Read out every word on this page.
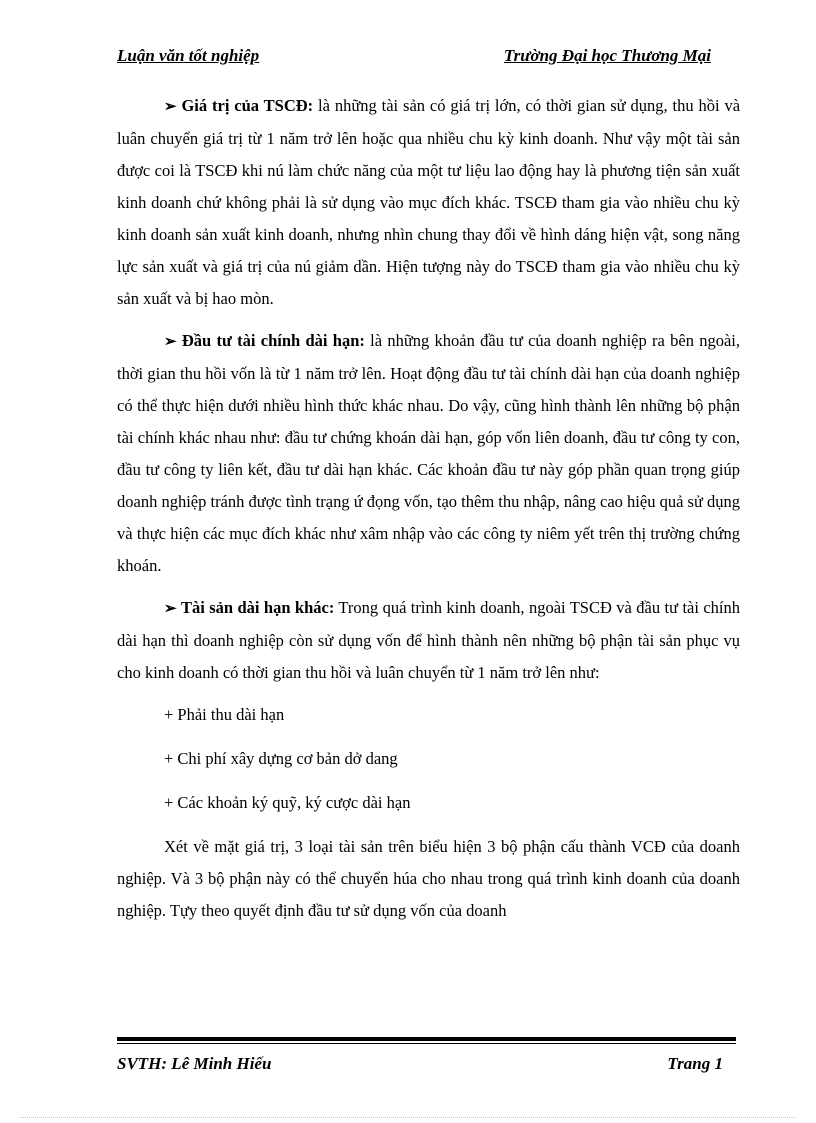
Luận văn tốt nghiệp	Trường Đại học Thương Mại

➢ Giá trị của TSCĐ: là những tài sản có giá trị lớn, có thời gian sử dụng, thu hồi và luân chuyển giá trị từ 1 năm trở lên hoặc qua nhiều chu kỳ kinh doanh. Như vậy một tài sản được coi là TSCĐ khi nú làm chức năng của một tư liệu lao động hay là phương tiện sản xuất kinh doanh chứ không phải là sử dụng vào mục đích khác. TSCĐ tham gia vào nhiều chu kỳ kinh doanh sản xuất kinh doanh, nhưng nhìn chung thay đổi về hình dáng hiện vật, song năng lực sản xuất và giá trị của nú giảm dần. Hiện tượng này do TSCĐ tham gia vào nhiều chu kỳ sản xuất và bị hao mòn.

➢ Đầu tư tài chính dài hạn: là những khoản đầu tư của doanh nghiệp ra bên ngoài, thời gian thu hồi vốn là từ 1 năm trở lên. Hoạt động đầu tư tài chính dài hạn của doanh nghiệp có thể thực hiện dưới nhiều hình thức khác nhau. Do vậy, cũng hình thành lên những bộ phận tài chính khác nhau như: đầu tư chứng khoán dài hạn, góp vốn liên doanh, đầu tư công ty con, đầu tư công ty liên kết, đầu tư dài hạn khác. Các khoản đầu tư này góp phần quan trọng giúp doanh nghiệp tránh được tình trạng ứ đọng vốn, tạo thêm thu nhập, nâng cao hiệu quả sử dụng và thực hiện các mục đích khác như xâm nhập vào các công ty niêm yết trên thị trường chứng khoán.

➢ Tài sản dài hạn khác: Trong quá trình kinh doanh, ngoài TSCĐ và đầu tư tài chính dài hạn thì doanh nghiệp còn sử dụng vốn để hình thành nên những bộ phận tài sản phục vụ cho kinh doanh có thời gian thu hồi và luân chuyển từ 1 năm trở lên như:

+ Phải thu dài hạn

+ Chi phí xây dựng cơ bản dở dang

+ Các khoản ký quỹ, ký cược dài hạn

Xét về mặt giá trị, 3 loại tài sản trên biểu hiện 3 bộ phận cấu thành VCĐ của doanh nghiệp. Và 3 bộ phận này có thể chuyển húa cho nhau trong quá trình kinh doanh của doanh nghiệp. Tựy theo quyết định đầu tư sử dụng vốn của doanh

SVTH: Lê Minh Hiếu	Trang 1
